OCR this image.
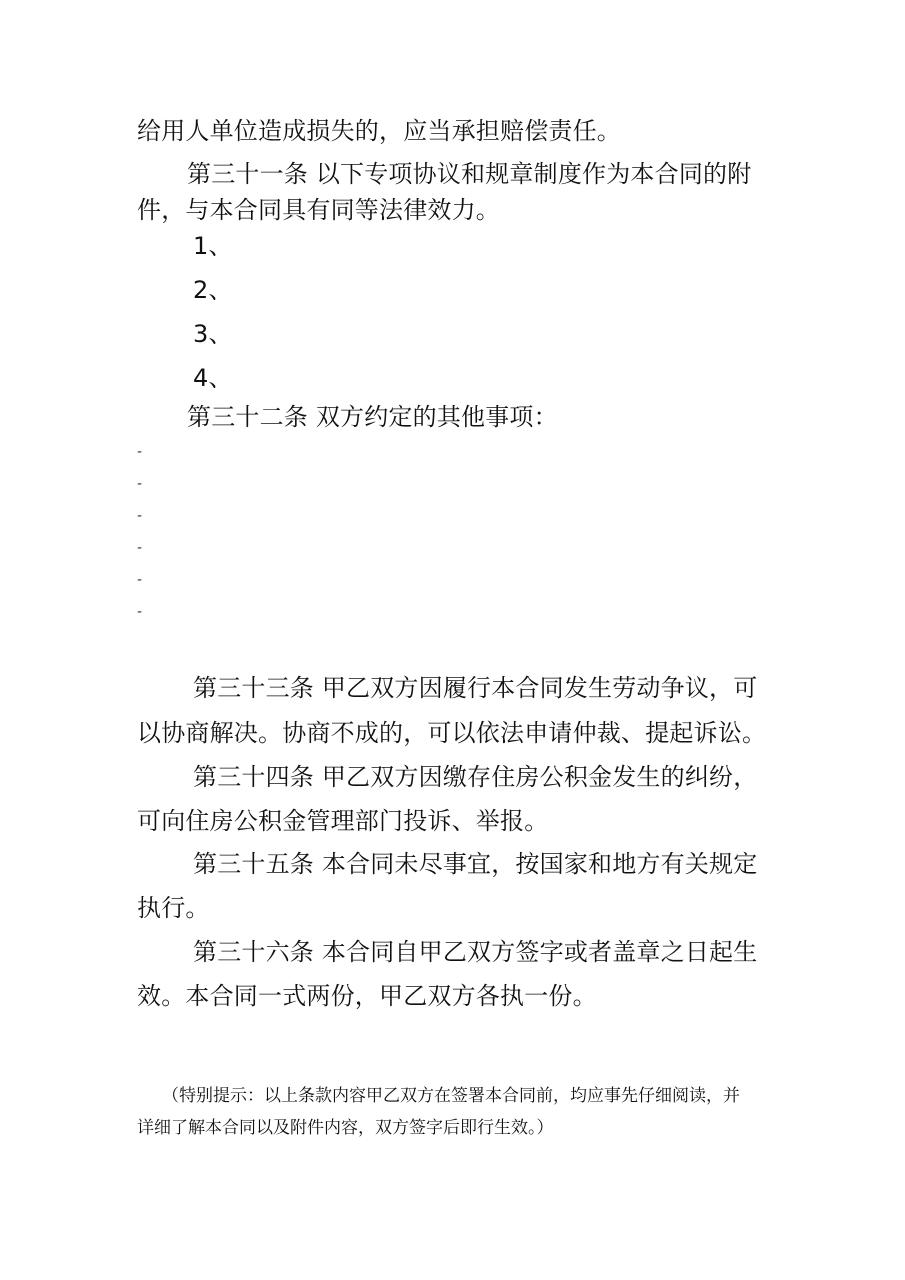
给用人单位造成损失的，应当承担赔偿责任。
第三十一条 以下专项协议和规章制度作为本合同的附
件，与本合同具有同等法律效力。
1、
2、
3、
4、
第三十二条 双方约定的其他事项：
-
-
-
-
-
-
第三十三条 甲乙双方因履行本合同发生劳动争议，可
以协商解决。协商不成的，可以依法申请仲裁、提起诉讼。
第三十四条 甲乙双方因缴存住房公积金发生的纠纷，
可向住房公积金管理部门投诉、举报。
第三十五条 本合同未尽事宜，按国家和地方有关规定
执行。
第三十六条 本合同自甲乙双方签字或者盖章之日起生
效。本合同一式两份，甲乙双方各执一份。
（特别提示：以上条款内容甲乙双方在签署本合同前，均应事先仔细阅读，并
详细了解本合同以及附件内容，双方签字后即行生效。）
